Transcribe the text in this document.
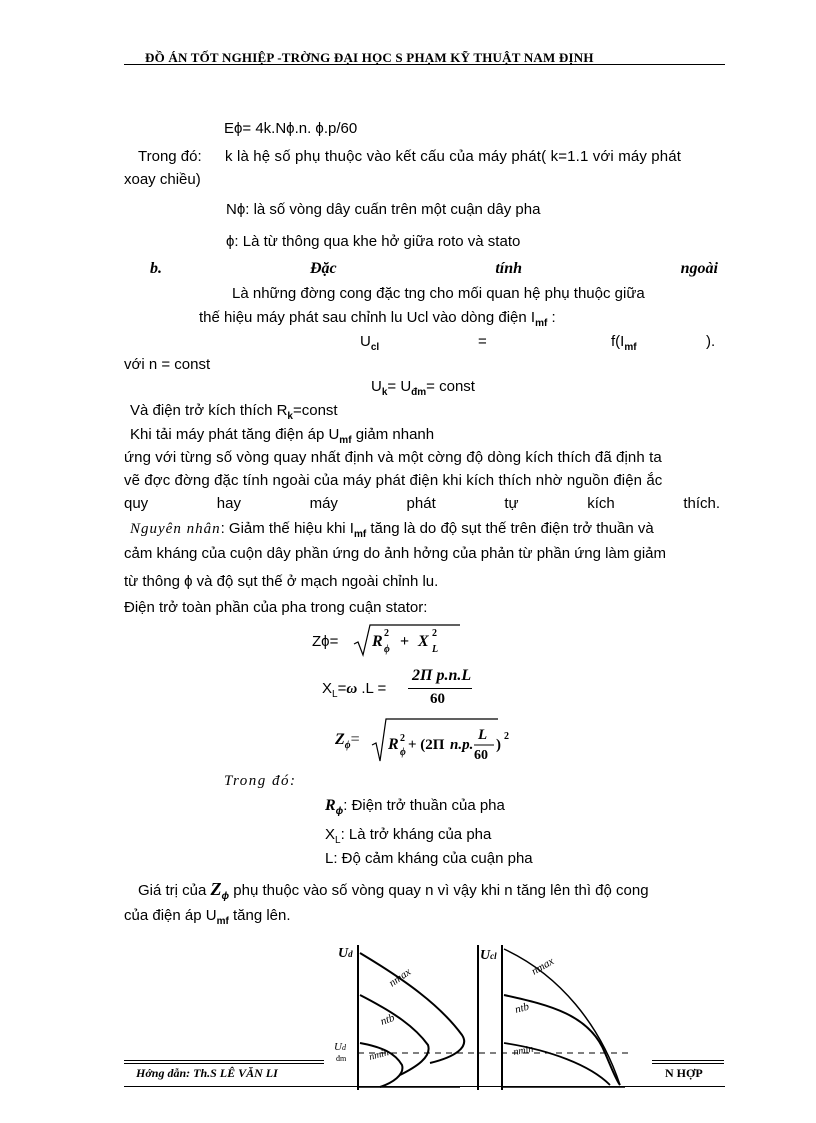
ĐỒ ÁN TỐT NGHIỆP -TRỜNG ĐẠI HỌC S PHẠM KỸ THUẬT NAM ĐỊNH
Eϕ= 4k.Nϕ.n. ϕ.p/60
Trong đó: k là hệ số phụ thuộc vào kết cấu của máy phát( k=1.1 với máy phát
xoay chiều)
Nϕ: là số vòng dây cuấn trên một cuận dây pha
ϕ: Là từ thông qua khe hở giữa roto và stato
b.	Đặc	tính	ngoài
Là những đờng cong đặc tng cho mối quan hệ phụ thuộc giữa
thế hiệu máy phát sau chỉnh lu Ucl vào dòng điện $I_{mf}$ :
$U_{cl}$	=	$f(I_{mf}$	).
với n = const
$U_k= U_{đm}=$ const
Và điện trở kích thích $R_k=const$
Khi tải máy phát tăng điện áp $U_{mf}$ giảm nhanh
ứng với từng số vòng quay nhất định và một cờng độ dòng kích thích đã định ta
vẽ đợc đờng đặc tính ngoài của máy phát điện khi kích thích nhờ nguồn điện ắc
quy	hay	máy	phát	tự	kích	thích.
Nguyên nhân: Giảm thế hiệu khi $I_{mf}$ tăng là do độ sụt thế trên điện trở thuần và
cảm kháng của cuộn dây phần ứng do ảnh hởng của phản từ phần ứng làm giảm
từ thông ϕ và độ sụt thế ở mạch ngoài chỉnh lu.
Điện trở toàn phần của pha trong cuận stator:
Zϕ= R ϕ
2 + X L
2
$X_L=\omega$ .L =
2Π p.n.L
60
$Z_\phi= R$ ϕ
2 + (2Π n.p.
L
60
)
2
Trong đó:
$R_\phi$: Điện trở thuần của pha
$X_L$: Là trở kháng của pha
L: Độ cảm kháng của cuận pha
Giá trị của $Z_\phi$ phụ thuộc vào số vòng quay n vì vậy khi n tăng lên thì độ cong
của điện áp $U_{mf}$ tăng lên.
Ud
nmax
ntb
nmin
Ud
đm
Ucl	nmax
ntb
nmin
Hớng dẫn: Th.S LÊ VĂN LI	N HỢP
